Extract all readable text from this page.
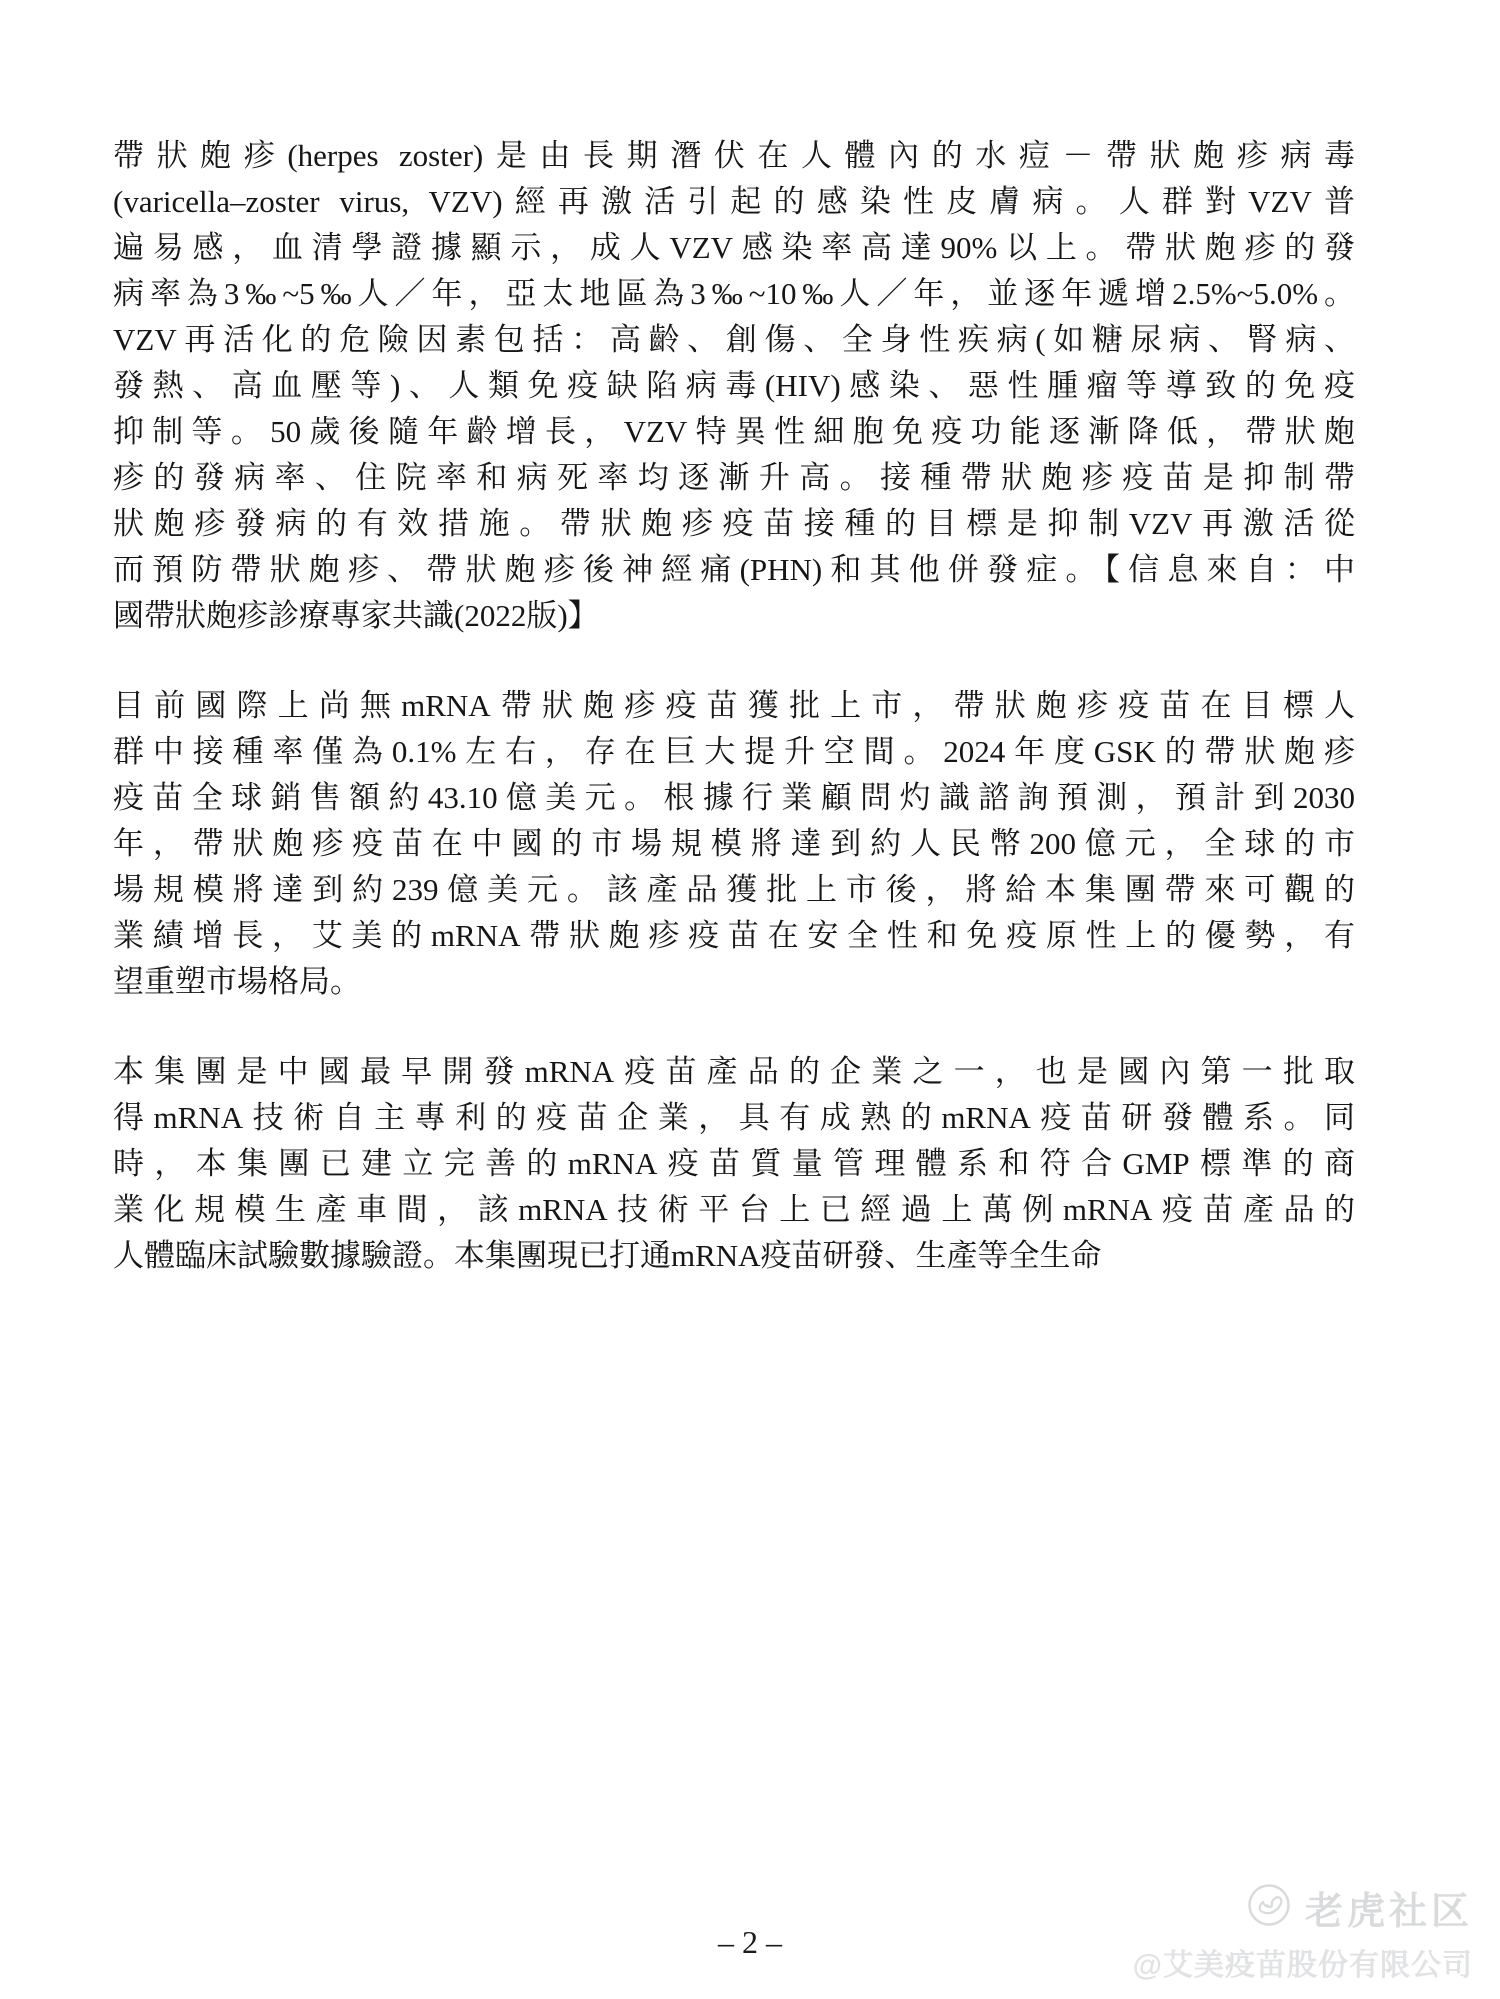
帶狀皰疹(herpes zoster)是由長期潛伏在人體內的水痘－帶狀皰疹病毒
(varicella–zoster virus, VZV)經再激活引起的感染性皮膚病。人群對VZV普
遍易感，血清學證據顯示，成人VZV感染率高達90%以上。帶狀皰疹的發
病率為3‰~5‰人／年，亞太地區為3‰~10‰人／年，並逐年遞增2.5%~5.0%。
VZV再活化的危險因素包括：高齡、創傷、全身性疾病(如糖尿病、腎病、
發熱、高血壓等)、人類免疫缺陷病毒(HIV)感染、惡性腫瘤等導致的免疫
抑制等。50歲後隨年齡增長，VZV特異性細胞免疫功能逐漸降低，帶狀皰
疹的發病率、住院率和病死率均逐漸升高。接種帶狀皰疹疫苗是抑制帶
狀皰疹發病的有效措施。帶狀皰疹疫苗接種的目標是抑制VZV再激活從
而預防帶狀皰疹、帶狀皰疹後神經痛(PHN)和其他併發症。【信息來自：中
國帶狀皰疹診療專家共識(2022版)】

目前國際上尚無mRNA帶狀皰疹疫苗獲批上市，帶狀皰疹疫苗在目標人
群中接種率僅為0.1%左右，存在巨大提升空間。2024年度GSK的帶狀皰疹
疫苗全球銷售額約43.10億美元。根據行業顧問灼識諮詢預測，預計到2030
年，帶狀皰疹疫苗在中國的市場規模將達到約人民幣200億元，全球的市
場規模將達到約239億美元。該產品獲批上市後，將給本集團帶來可觀的
業績增長，艾美的mRNA帶狀皰疹疫苗在安全性和免疫原性上的優勢，有
望重塑市場格局。

本集團是中國最早開發mRNA疫苗產品的企業之一，也是國內第一批取
得mRNA技術自主專利的疫苗企業，具有成熟的mRNA疫苗研發體系。同
時，本集團已建立完善的mRNA疫苗質量管理體系和符合GMP標準的商
業化規模生產車間，該mRNA技術平台上已經過上萬例mRNA疫苗產品的
人體臨床試驗數據驗證。本集團現已打通mRNA疫苗研發、生產等全生命

– 2 –
老虎社区
@艾美疫苗股份有限公司
